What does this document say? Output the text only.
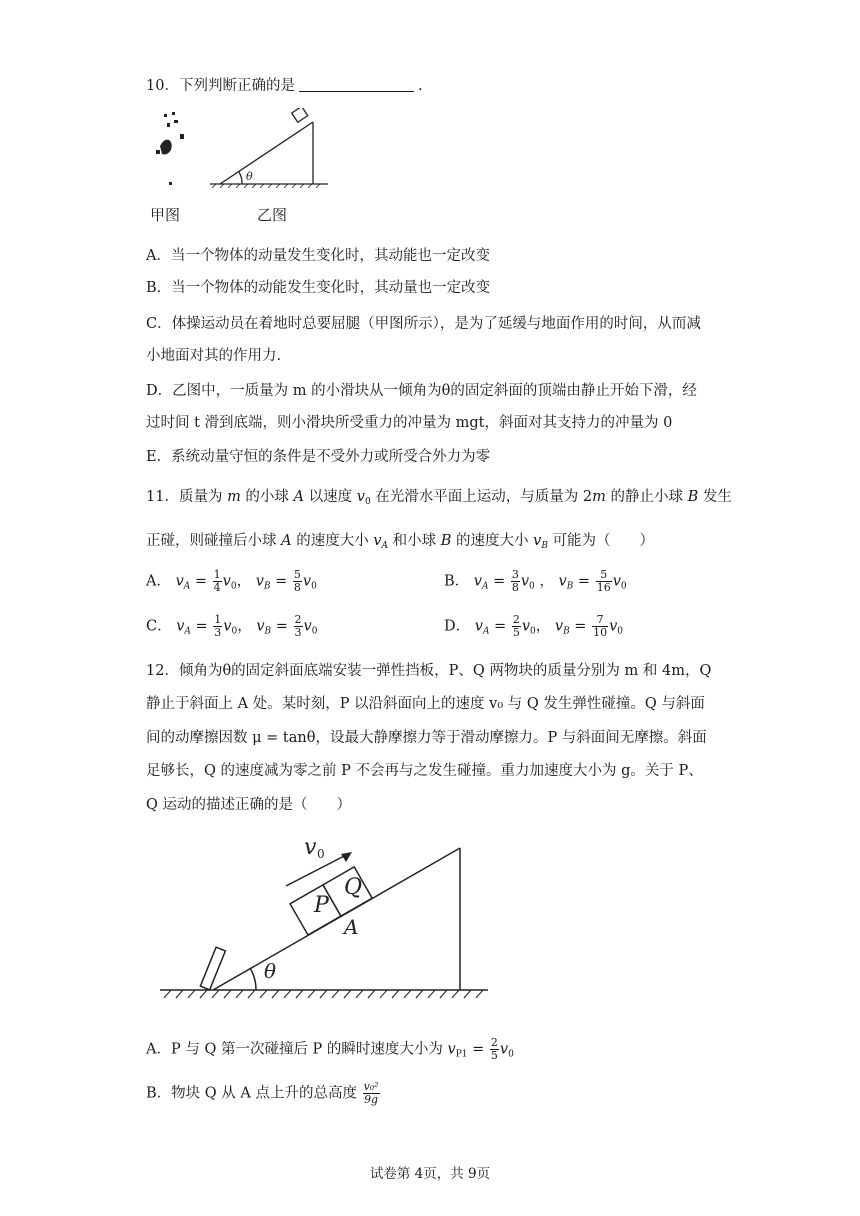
10．下列判断正确的是	.
θ
甲图	乙图
A．当一个物体的动量发生变化时，其动能也一定改变
B．当一个物体的动能发生变化时，其动量也一定改变
C．体操运动员在着地时总要屈腿（甲图所示），是为了延缓与地面作用的时间，从而减
小地面对其的作用力.
D．乙图中，一质量为 m 的小滑块从一倾角为θ的固定斜面的顶端由静止开始下滑，经
过时间 t 滑到底端，则小滑块所受重力的冲量为 mgt，斜面对其支持力的冲量为 0
E．系统动量守恒的条件是不受外力或所受合外力为零
11．质量为 m 的小球 A 以速度 $v_0$ 在光滑水平面上运动，与质量为 2m 的静止小球 B 发生
正碰，则碰撞后小球 A 的速度大小 $v_A$ 和小球 B 的速度大小 $v_B$ 可能为（　　）
A． $v_A = \frac{1}{4} v_0$， $v_B = \frac{5}{8} v_0$	B． $v_A = \frac{3}{8} v_0$ ， $v_B = \frac{5}{16} v_0$
C． $v_A = \frac{1}{3} v_0$， $v_B = \frac{2}{3} v_0$	D． $v_A = \frac{2}{5} v_0$， $v_B = \frac{7}{10} v_0$
12．倾角为θ的固定斜面底端安装一弹性挡板，P、Q 两物块的质量分别为 m 和 4m，Q
静止于斜面上 A 处。某时刻，P 以沿斜面向上的速度 v₀ 与 Q 发生弹性碰撞。Q 与斜面
间的动摩擦因数 μ = tanθ，设最大静摩擦力等于滑动摩擦力。P 与斜面间无摩擦。斜面
足够长，Q 的速度减为零之前 P 不会再与之发生碰撞。重力加速度大小为 g。关于 P、
Q 运动的描述正确的是（　　）
v 0
P
Q
A
θ
A．P 与 Q 第一次碰撞后 P 的瞬时速度大小为 $v_{P1} = \frac{2}{5} v_0$
B．物块 Q 从 A 点上升的总高度 $\frac{\text{v₀²}}{9g}$
试卷第 4页，共 9页
